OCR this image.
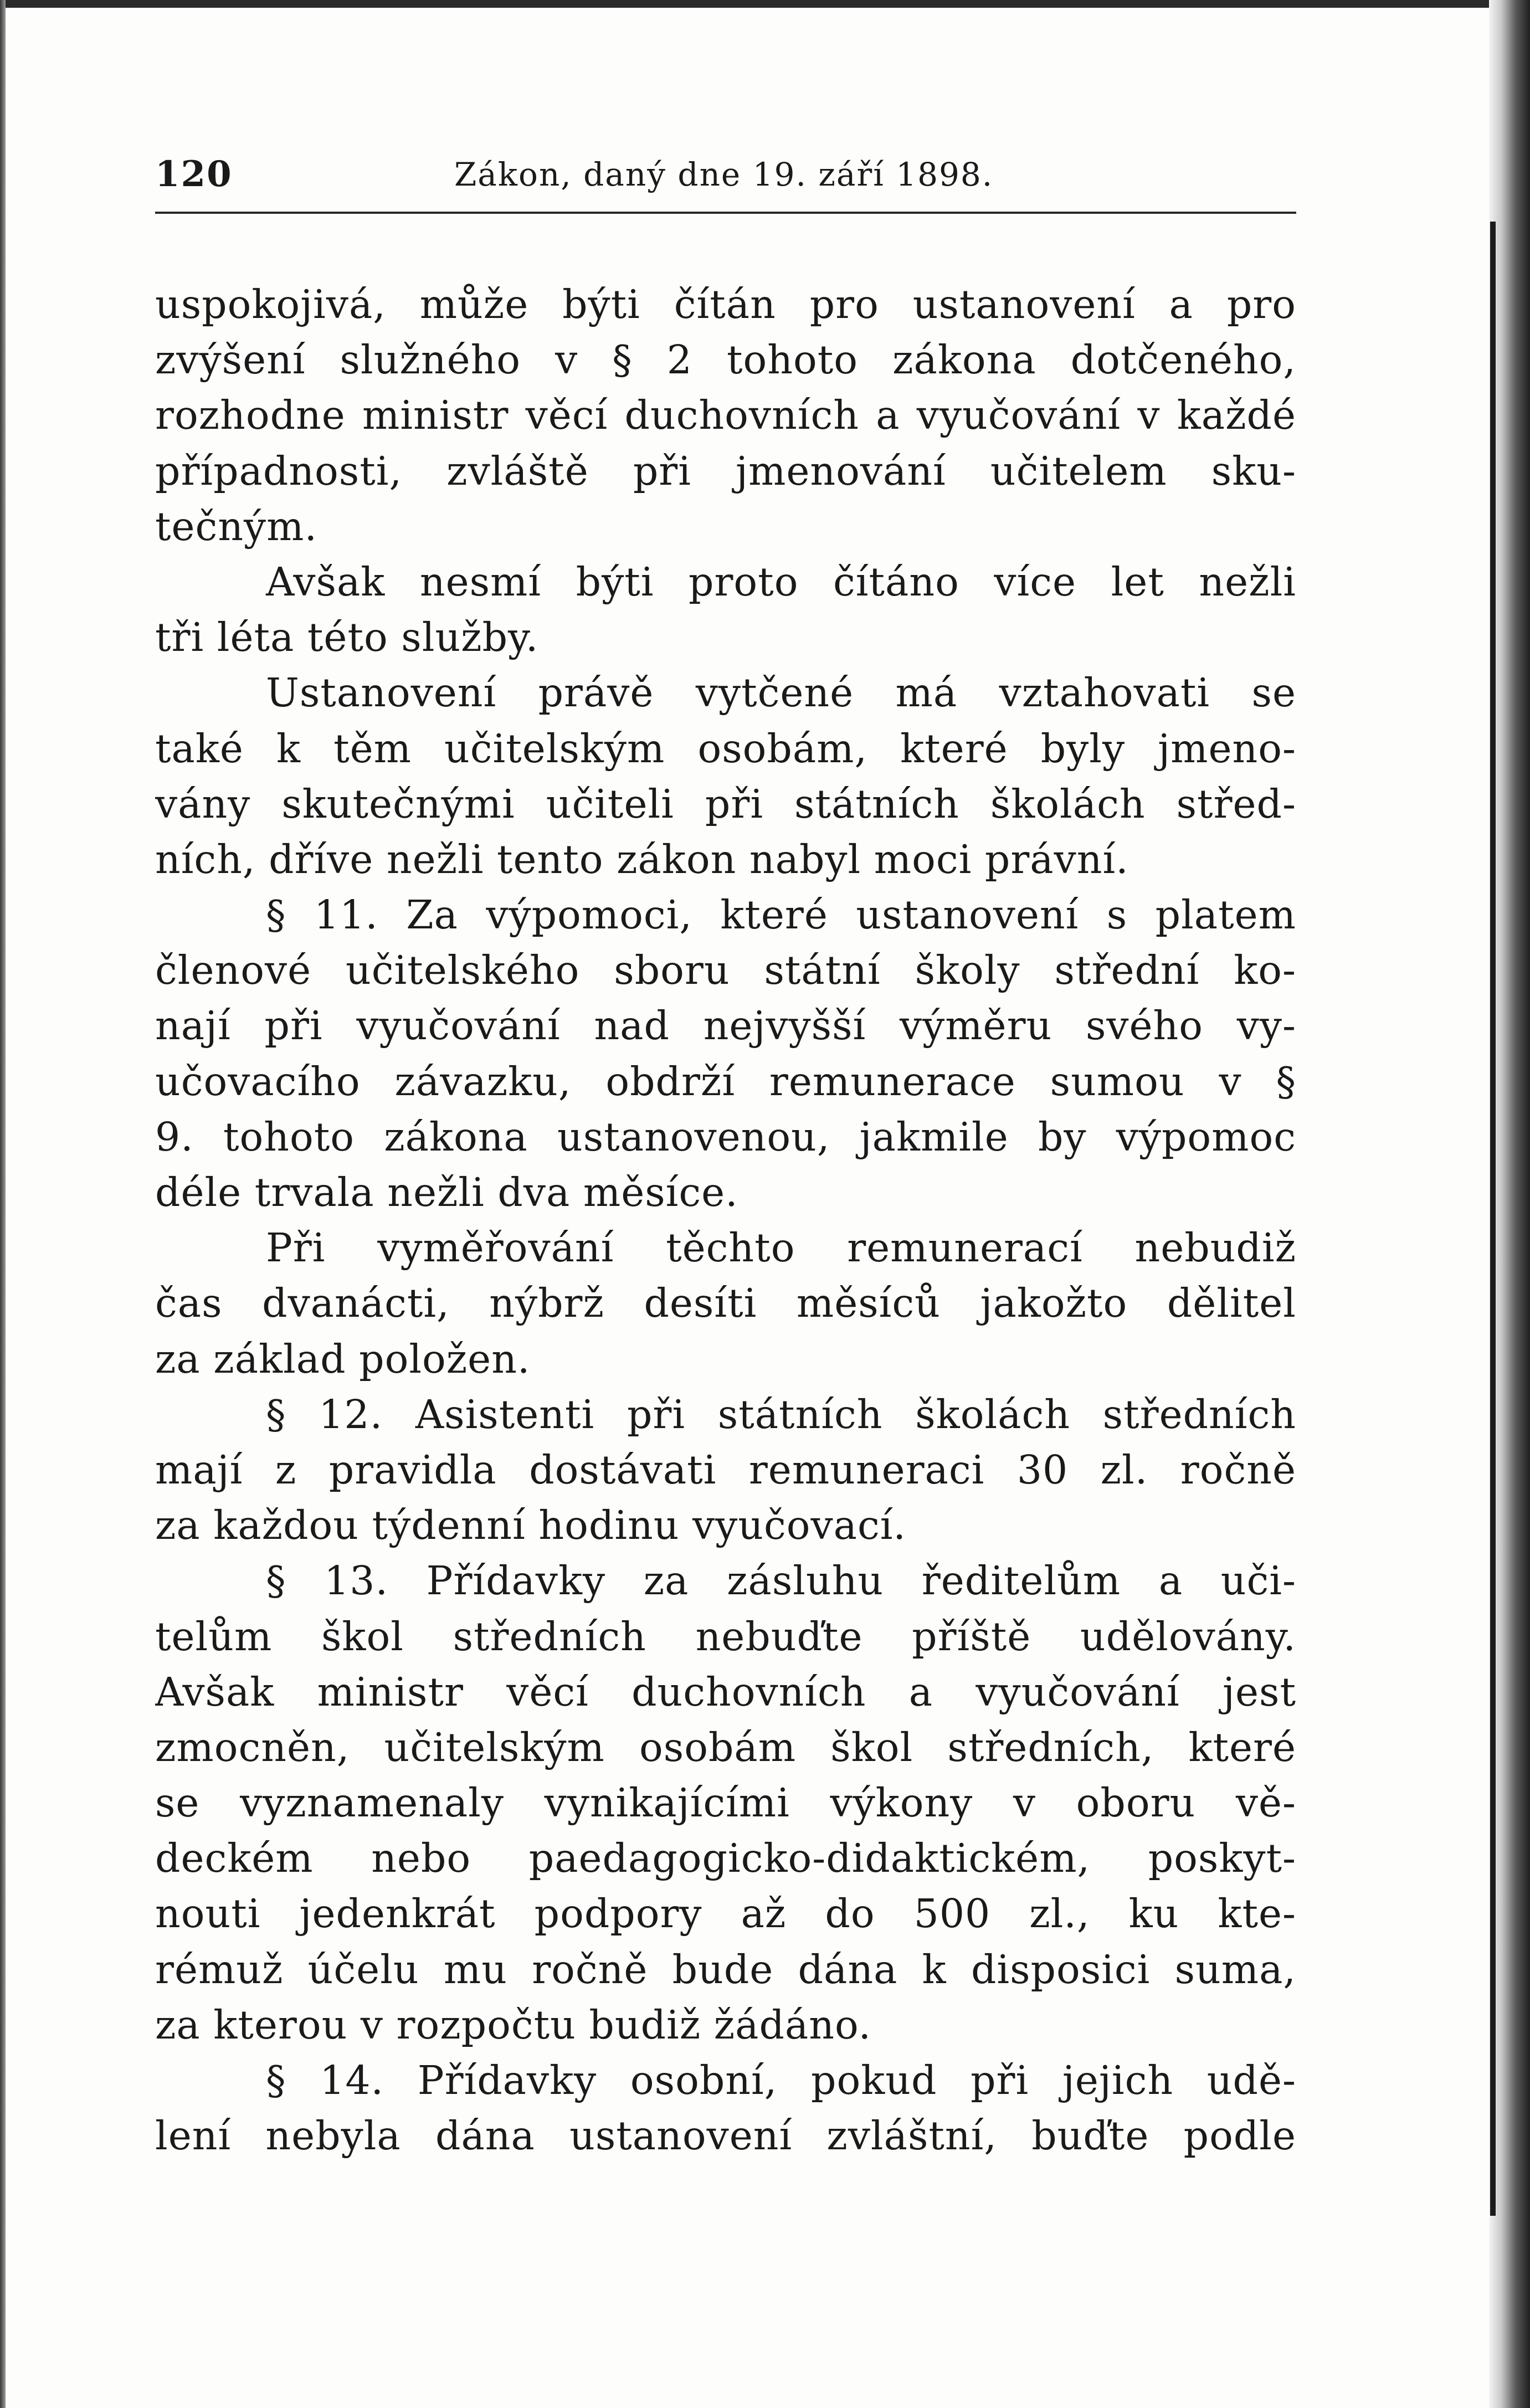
120	Zákon, daný dne 19. září 1898.
uspokojivá, může býti čítán pro ustanovení a pro
zvýšení služného v § 2 tohoto zákona dotčeného,
rozhodne ministr věcí duchovních a vyučování v každé
případnosti, zvláště při jmenování učitelem sku-
tečným.
Avšak nesmí býti proto čítáno více let nežli
tři léta této služby.
Ustanovení právě vytčené má vztahovati se
také k těm učitelským osobám, které byly jmeno-
vány skutečnými učiteli při státních školách střed-
ních, dříve nežli tento zákon nabyl moci právní.
§ 11. Za výpomoci, které ustanovení s platem
členové učitelského sboru státní školy střední ko-
nají při vyučování nad nejvyšší výměru svého vy-
učovacího závazku, obdrží remunerace sumou v §
9. tohoto zákona ustanovenou, jakmile by výpomoc
déle trvala nežli dva měsíce.
Při vyměřování těchto remunerací nebudiž
čas dvanácti, nýbrž desíti měsíců jakožto dělitel
za základ položen.
§ 12. Asistenti při státních školách středních
mají z pravidla dostávati remuneraci 30 zl. ročně
za každou týdenní hodinu vyučovací.
§ 13. Přídavky za zásluhu ředitelům a uči-
telům škol středních nebuďte příště udělovány.
Avšak ministr věcí duchovních a vyučování jest
zmocněn, učitelským osobám škol středních, které
se vyznamenaly vynikajícími výkony v oboru vě-
deckém nebo paedagogicko-didaktickém, poskyt-
nouti jedenkrát podpory až do 500 zl., ku kte-
rémuž účelu mu ročně bude dána k disposici suma,
za kterou v rozpočtu budiž žádáno.
§ 14. Přídavky osobní, pokud při jejich udě-
lení nebyla dána ustanovení zvláštní, buďte podle
